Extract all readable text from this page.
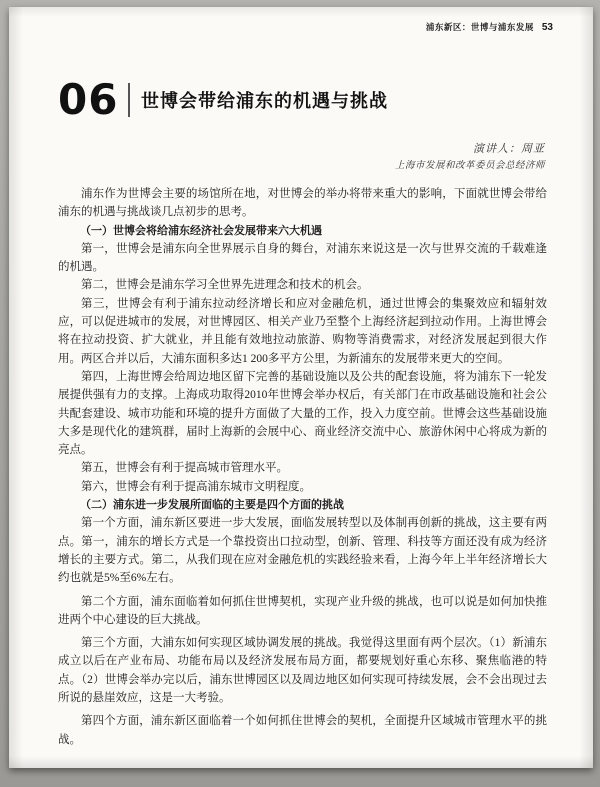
浦东新区：世博与浦东发展 53
06 世博会带给浦东的机遇与挑战
演讲人：周亚
上海市发展和改革委员会总经济师

浦东作为世博会主要的场馆所在地，对世博会的举办将带来重大的影响，下面就世博会带给浦东的机遇与挑战谈几点初步的思考。

（一）世博会将给浦东经济社会发展带来六大机遇

第一，世博会是浦东向全世界展示自身的舞台，对浦东来说这是一次与世界交流的千载难逢的机遇。

第二，世博会是浦东学习全世界先进理念和技术的机会。

第三，世博会有利于浦东拉动经济增长和应对金融危机，通过世博会的集聚效应和辐射效应，可以促进城市的发展，对世博园区、相关产业乃至整个上海经济起到拉动作用。上海世博会将在拉动投资、扩大就业，并且能有效地拉动旅游、购物等消费需求，对经济发展起到很大作用。两区合并以后，大浦东面积多达1 200多平方公里，为新浦东的发展带来更大的空间。

第四，上海世博会给周边地区留下完善的基础设施以及公共的配套设施，将为浦东下一轮发展提供强有力的支撑。上海成功取得2010年世博会举办权后，有关部门在市政基础设施和社会公共配套建设、城市功能和环境的提升方面做了大量的工作，投入力度空前。世博会这些基础设施大多是现代化的建筑群，届时上海新的会展中心、商业经济交流中心、旅游休闲中心将成为新的亮点。

第五，世博会有利于提高城市管理水平。

第六，世博会有利于提高浦东城市文明程度。

（二）浦东进一步发展所面临的主要是四个方面的挑战

第一个方面，浦东新区要进一步大发展，面临发展转型以及体制再创新的挑战，这主要有两点。第一，浦东的增长方式是一个靠投资出口拉动型，创新、管理、科技等方面还没有成为经济增长的主要方式。第二，从我们现在应对金融危机的实践经验来看，上海今年上半年经济增长大约也就是5%至6%左右。

第二个方面，浦东面临着如何抓住世博契机，实现产业升级的挑战，也可以说是如何加快推进两个中心建设的巨大挑战。

第三个方面，大浦东如何实现区域协调发展的挑战。我觉得这里面有两个层次。（1）新浦东成立以后在产业布局、功能布局以及经济发展布局方面，都要规划好重心东移、聚焦临港的特点。（2）世博会举办完以后，浦东世博园区以及周边地区如何实现可持续发展，会不会出现过去所说的悬崖效应，这是一大考验。

第四个方面，浦东新区面临着一个如何抓住世博会的契机，全面提升区域城市管理水平的挑战。
